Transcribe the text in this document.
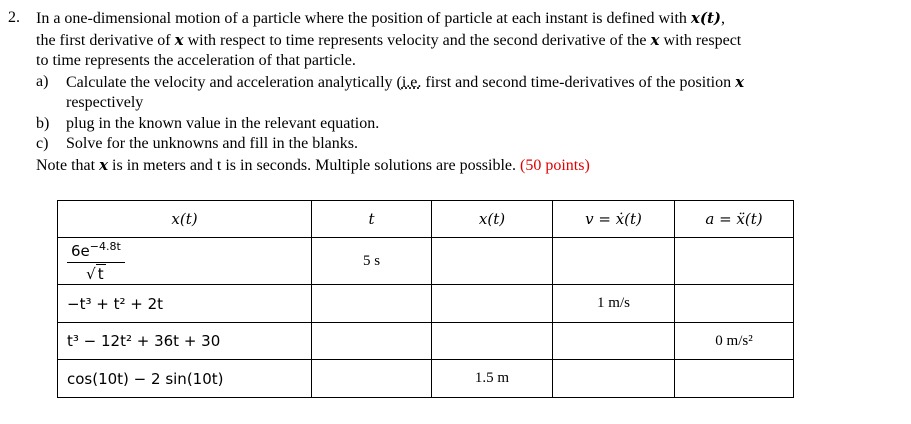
2. In a one-dimensional motion of a particle where the position of particle at each instant is defined with x(t),
the first derivative of x with respect to time represents velocity and the second derivative of the x with respect
to time represents the acceleration of that particle.
a)	Calculate the velocity and acceleration analytically (i.e. first and second time-derivatives of the position x
respectively
b)	plug in the known value in the relevant equation.
c)	Solve for the unknowns and fill in the blanks.
Note that x is in meters and t is in seconds. Multiple solutions are possible. (50 points)
x(t)	t	x(t)	v = ẋ(t)	a = ẍ(t)

$\frac{6e^{-4.8t}}{√ t}$	5 s			
−t³ + t² + 2t			1 m/s	
t³ − 12t² + 36t + 30				0 m/s²
cos(10t) − 2 sin(10t)		1.5 m		
